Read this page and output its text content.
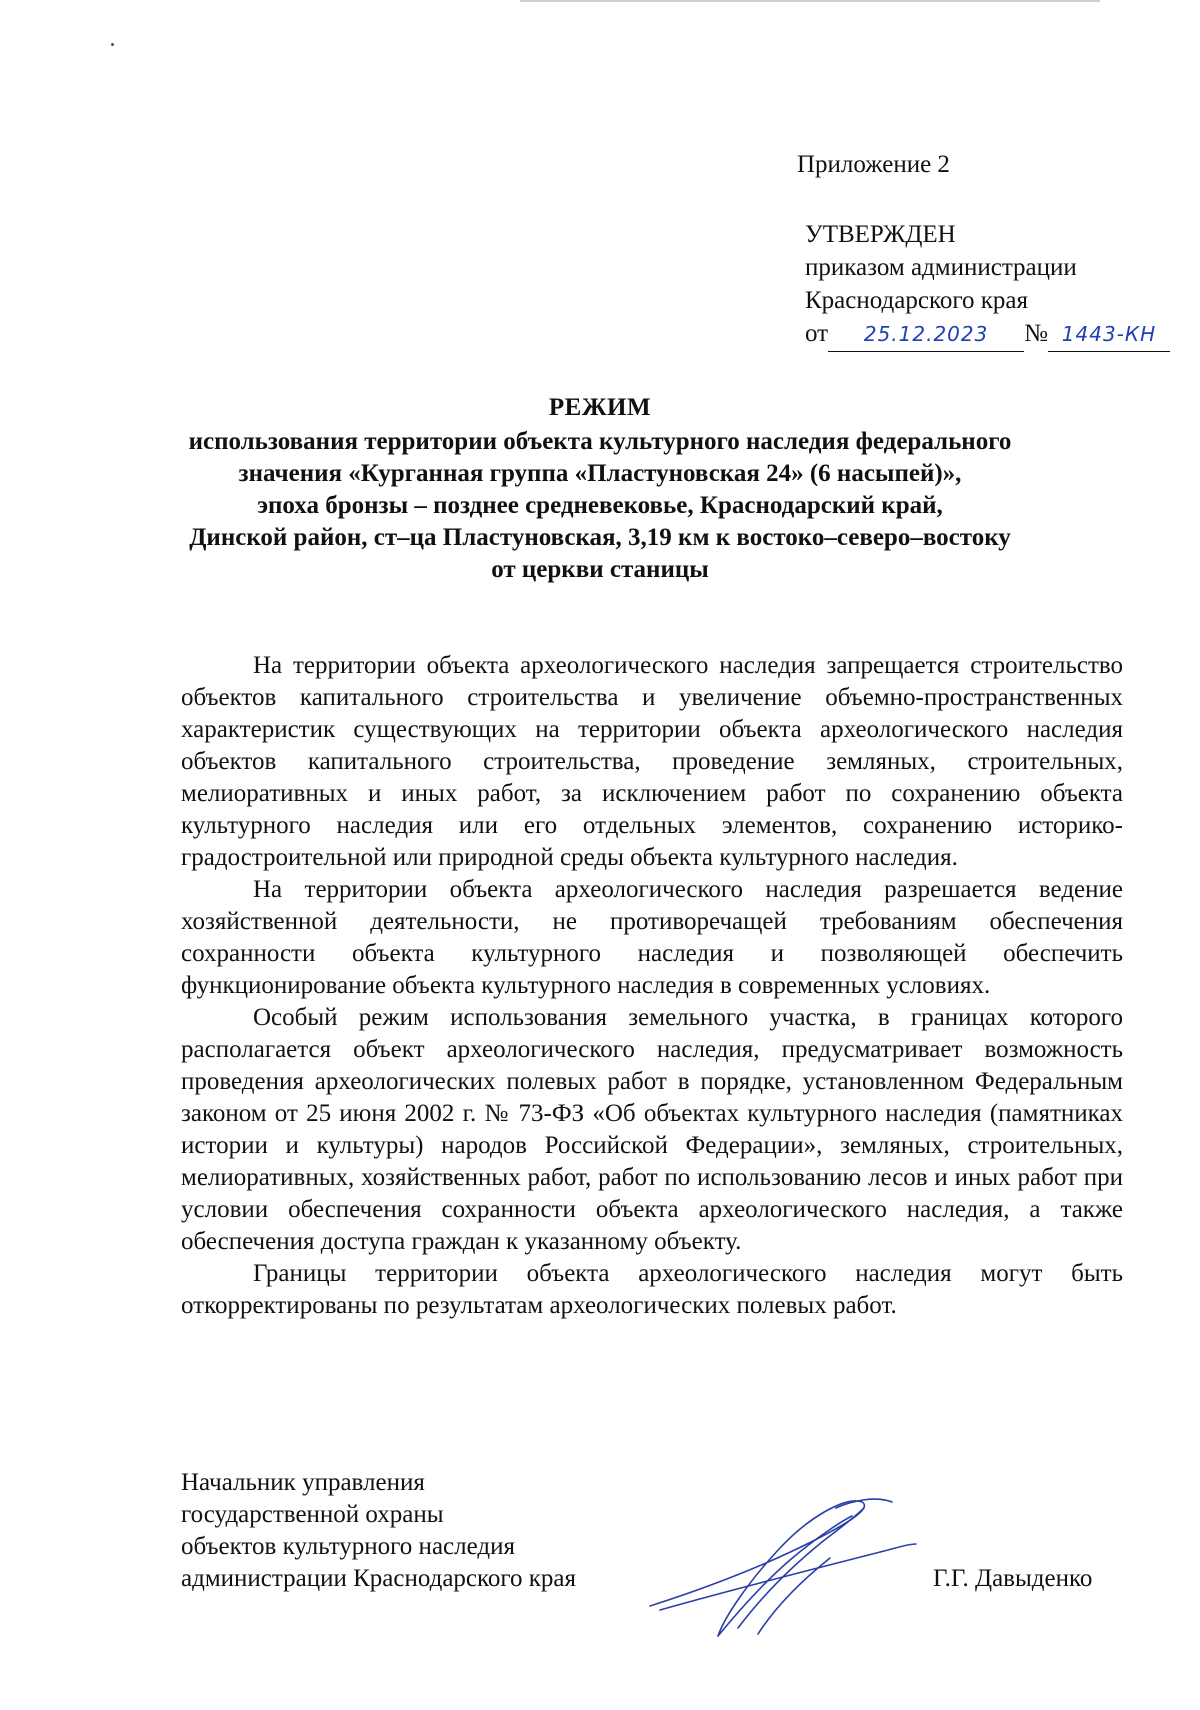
Приложение 2
УТВЕРЖДЕН
приказом администрации
Краснодарского края
от 25.12.2023 № 1443-КН
РЕЖИМ
использования территории объекта культурного наследия федерального
значения «Курганная группа «Пластуновская 24» (6 насыпей)»,
эпоха бронзы – позднее средневековье, Краснодарский край,
Динской район, ст–ца Пластуновская, 3,19 км к востоко–северо–востоку
от церкви станицы

На территории объекта археологического наследия запрещается строительство объектов капитального строительства и увеличение объемно-пространственных характеристик существующих на территории объекта археологического наследия объектов капитального строительства, проведение земляных, строительных, мелиоративных и иных работ, за исключением работ по сохранению объекта культурного наследия или его отдельных элементов, сохранению историко-градостроительной или природной среды объекта культурного наследия.

На территории объекта археологического наследия разрешается ведение хозяйственной деятельности, не противоречащей требованиям обеспечения сохранности объекта культурного наследия и позволяющей обеспечить функционирование объекта культурного наследия в современных условиях.

Особый режим использования земельного участка, в границах которого располагается объект археологического наследия, предусматривает возможность проведения археологических полевых работ в порядке, установленном Федеральным законом от 25 июня 2002 г. № 73-ФЗ «Об объектах культурного наследия (памятниках истории и культуры) народов Российской Федерации», земляных, строительных, мелиоративных, хозяйственных работ, работ по использованию лесов и иных работ при условии обеспечения сохранности объекта археологического наследия, а также обеспечения доступа граждан к указанному объекту.

Границы территории объекта археологического наследия могут быть откорректированы по результатам археологических полевых работ.

Начальник управления
государственной охраны
объектов культурного наследия
администрации Краснодарского края	Г.Г. Давыденко
